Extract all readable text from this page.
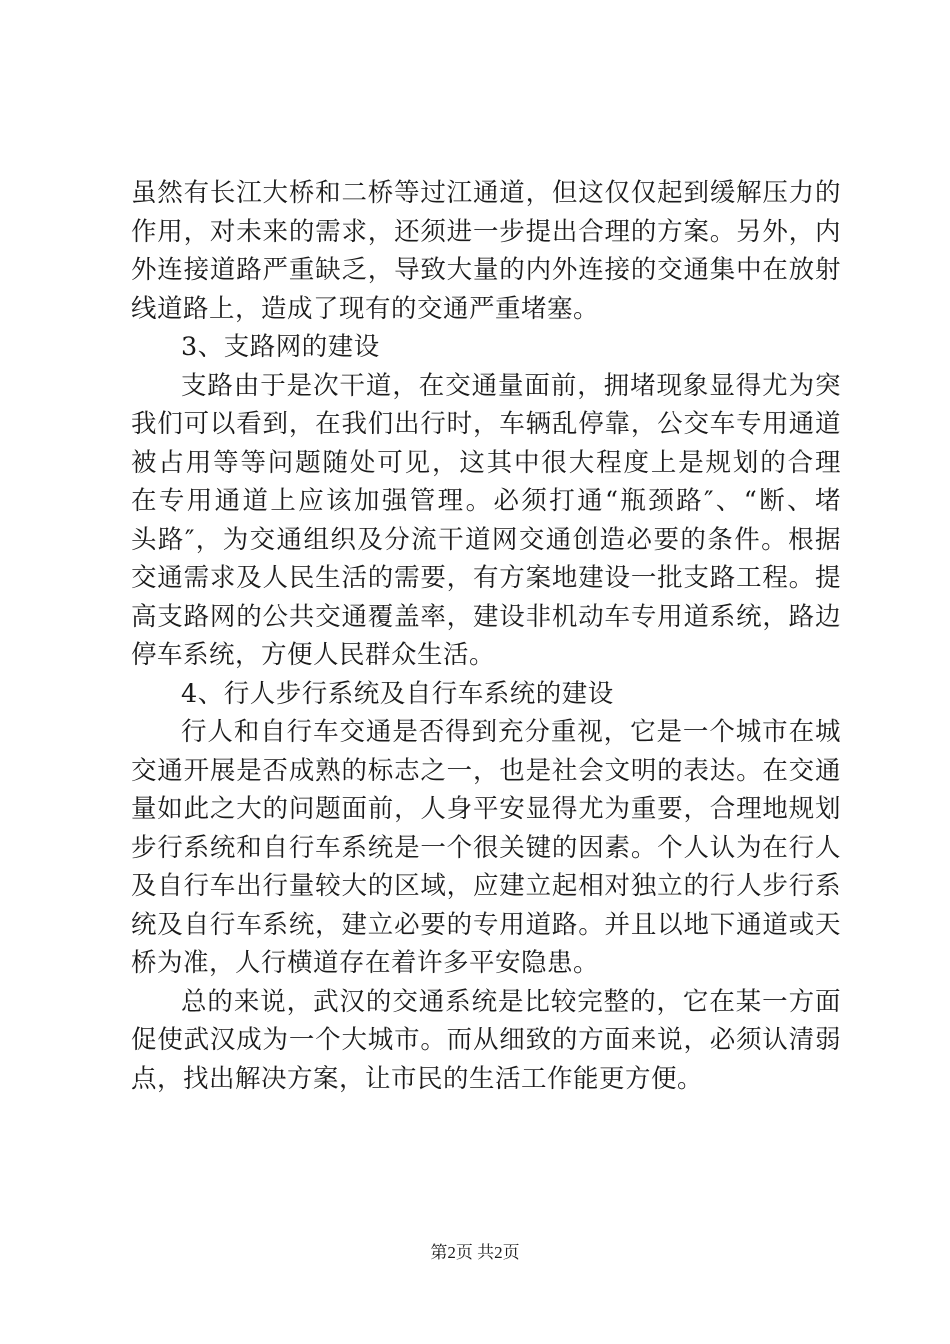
虽然有长江大桥和二桥等过江通道，但这仅仅起到缓解压力的
作用，对未来的需求，还须进一步提出合理的方案。另外，内
外连接道路严重缺乏，导致大量的内外连接的交通集中在放射
线道路上，造成了现有的交通严重堵塞。
3、支路网的建设
支路由于是次干道，在交通量面前，拥堵现象显得尤为突
我们可以看到，在我们出行时，车辆乱停靠，公交车专用通道
被占用等等问题随处可见，这其中很大程度上是规划的合理
在专用通道上应该加强管理。必须打通“瓶颈路″、“断、堵
头路″，为交通组织及分流干道网交通创造必要的条件。根据
交通需求及人民生活的需要，有方案地建设一批支路工程。提
高支路网的公共交通覆盖率，建设非机动车专用道系统，路边
停车系统，方便人民群众生活。
4、行人步行系统及自行车系统的建设
行人和自行车交通是否得到充分重视，它是一个城市在城
交通开展是否成熟的标志之一，也是社会文明的表达。在交通
量如此之大的问题面前，人身平安显得尤为重要，合理地规划
步行系统和自行车系统是一个很关键的因素。个人认为在行人
及自行车出行量较大的区域，应建立起相对独立的行人步行系
统及自行车系统，建立必要的专用道路。并且以地下通道或天
桥为准，人行横道存在着许多平安隐患。
总的来说，武汉的交通系统是比较完整的，它在某一方面
促使武汉成为一个大城市。而从细致的方面来说，必须认清弱
点，找出解决方案，让市民的生活工作能更方便。
第2页 共2页
